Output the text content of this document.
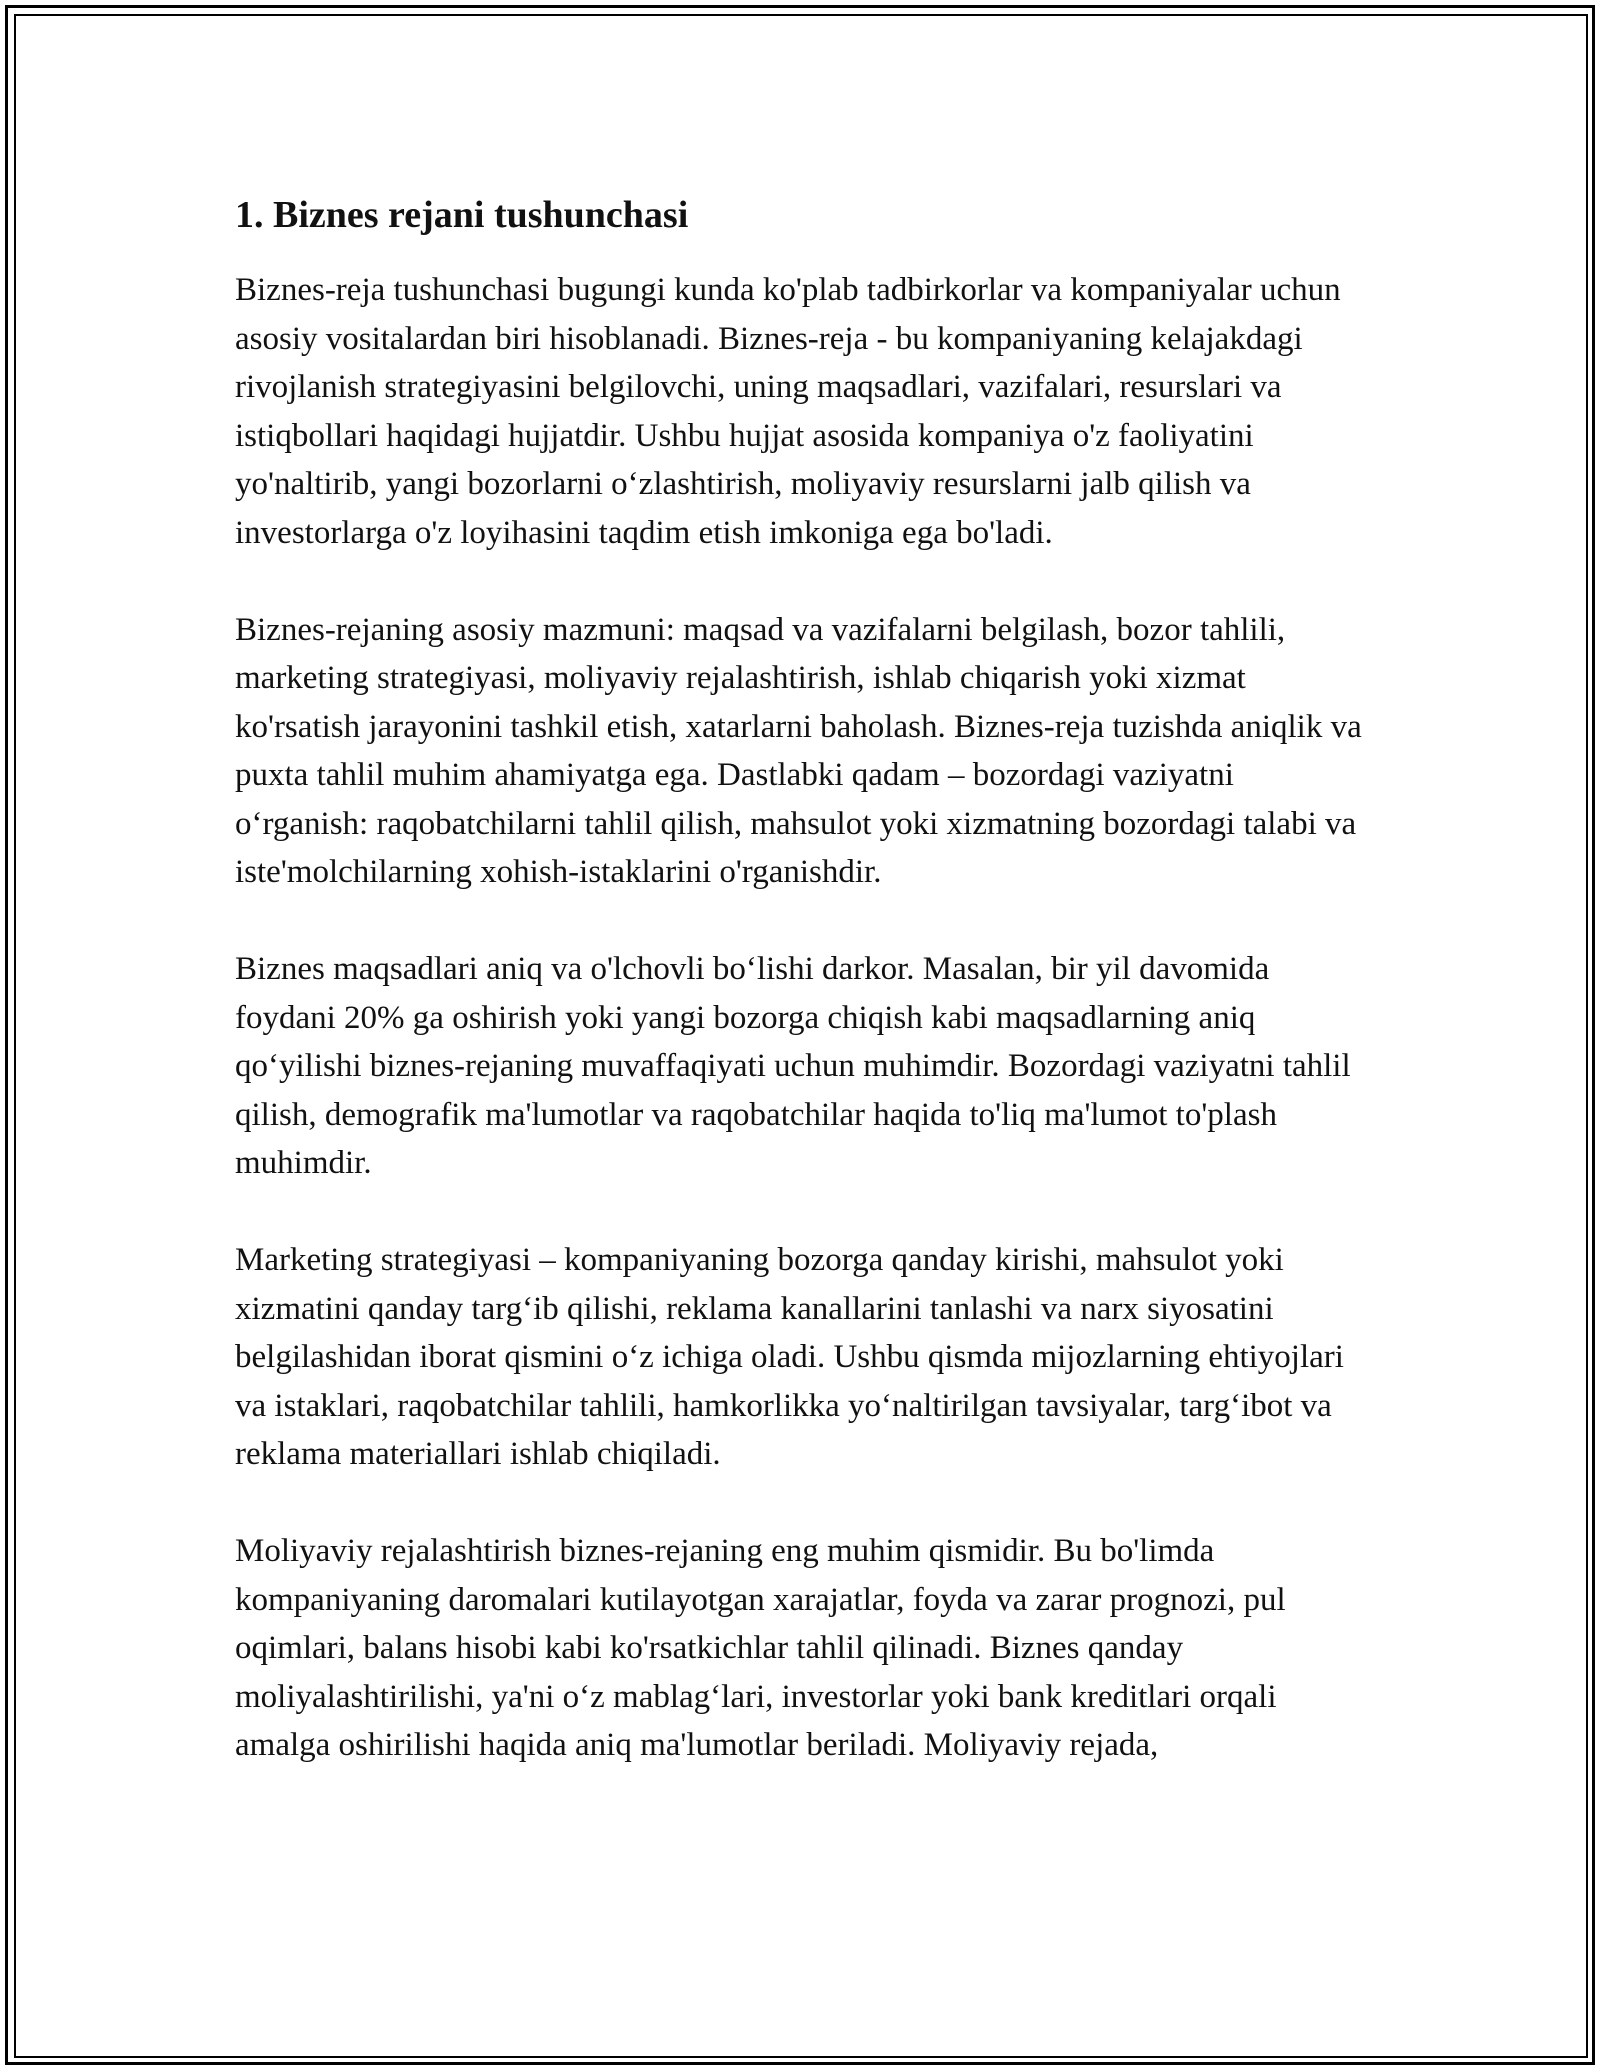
1. Biznes rejani tushunchasi

Biznes-reja tushunchasi bugungi kunda ko'plab tadbirkorlar va kompaniyalar uchun asosiy vositalardan biri hisoblanadi. Biznes-reja - bu kompaniyaning kelajakdagi rivojlanish strategiyasini belgilovchi, uning maqsadlari, vazifalari, resurslari va istiqbollari haqidagi hujjatdir. Ushbu hujjat asosida kompaniya o'z faoliyatini yo'naltirib, yangi bozorlarni o‘zlashtirish, moliyaviy resurslarni jalb qilish va investorlarga o'z loyihasini taqdim etish imkoniga ega bo'ladi.

Biznes-rejaning asosiy mazmuni: maqsad va vazifalarni belgilash, bozor tahlili, marketing strategiyasi, moliyaviy rejalashtirish, ishlab chiqarish yoki xizmat ko'rsatish jarayonini tashkil etish, xatarlarni baholash. Biznes-reja tuzishda aniqlik va puxta tahlil muhim ahamiyatga ega. Dastlabki qadam – bozordagi vaziyatni o‘rganish: raqobatchilarni tahlil qilish, mahsulot yoki xizmatning bozordagi talabi va iste'molchilarning xohish-istaklarini o'rganishdir.

Biznes maqsadlari aniq va o'lchovli bo‘lishi darkor. Masalan, bir yil davomida foydani 20% ga oshirish yoki yangi bozorga chiqish kabi maqsadlarning aniq qo‘yilishi biznes-rejaning muvaffaqiyati uchun muhimdir. Bozordagi vaziyatni tahlil qilish, demografik ma'lumotlar va raqobatchilar haqida to'liq ma'lumot to'plash muhimdir.

Marketing strategiyasi – kompaniyaning bozorga qanday kirishi, mahsulot yoki xizmatini qanday targ‘ib qilishi, reklama kanallarini tanlashi va narx siyosatini belgilashidan iborat qismini o‘z ichiga oladi. Ushbu qismda mijozlarning ehtiyojlari va istaklari, raqobatchilar tahlili, hamkorlikka yo‘naltirilgan tavsiyalar, targ‘ibot va reklama materiallari ishlab chiqiladi.

Moliyaviy rejalashtirish biznes-rejaning eng muhim qismidir. Bu bo'limda kompaniyaning daromalari kutilayotgan xarajatlar, foyda va zarar prognozi, pul oqimlari, balans hisobi kabi ko'rsatkichlar tahlil qilinadi. Biznes qanday moliyalashtirilishi, ya'ni o‘z mablag‘lari, investorlar yoki bank kreditlari orqali amalga oshirilishi haqida aniq ma'lumotlar beriladi. Moliyaviy rejada,
